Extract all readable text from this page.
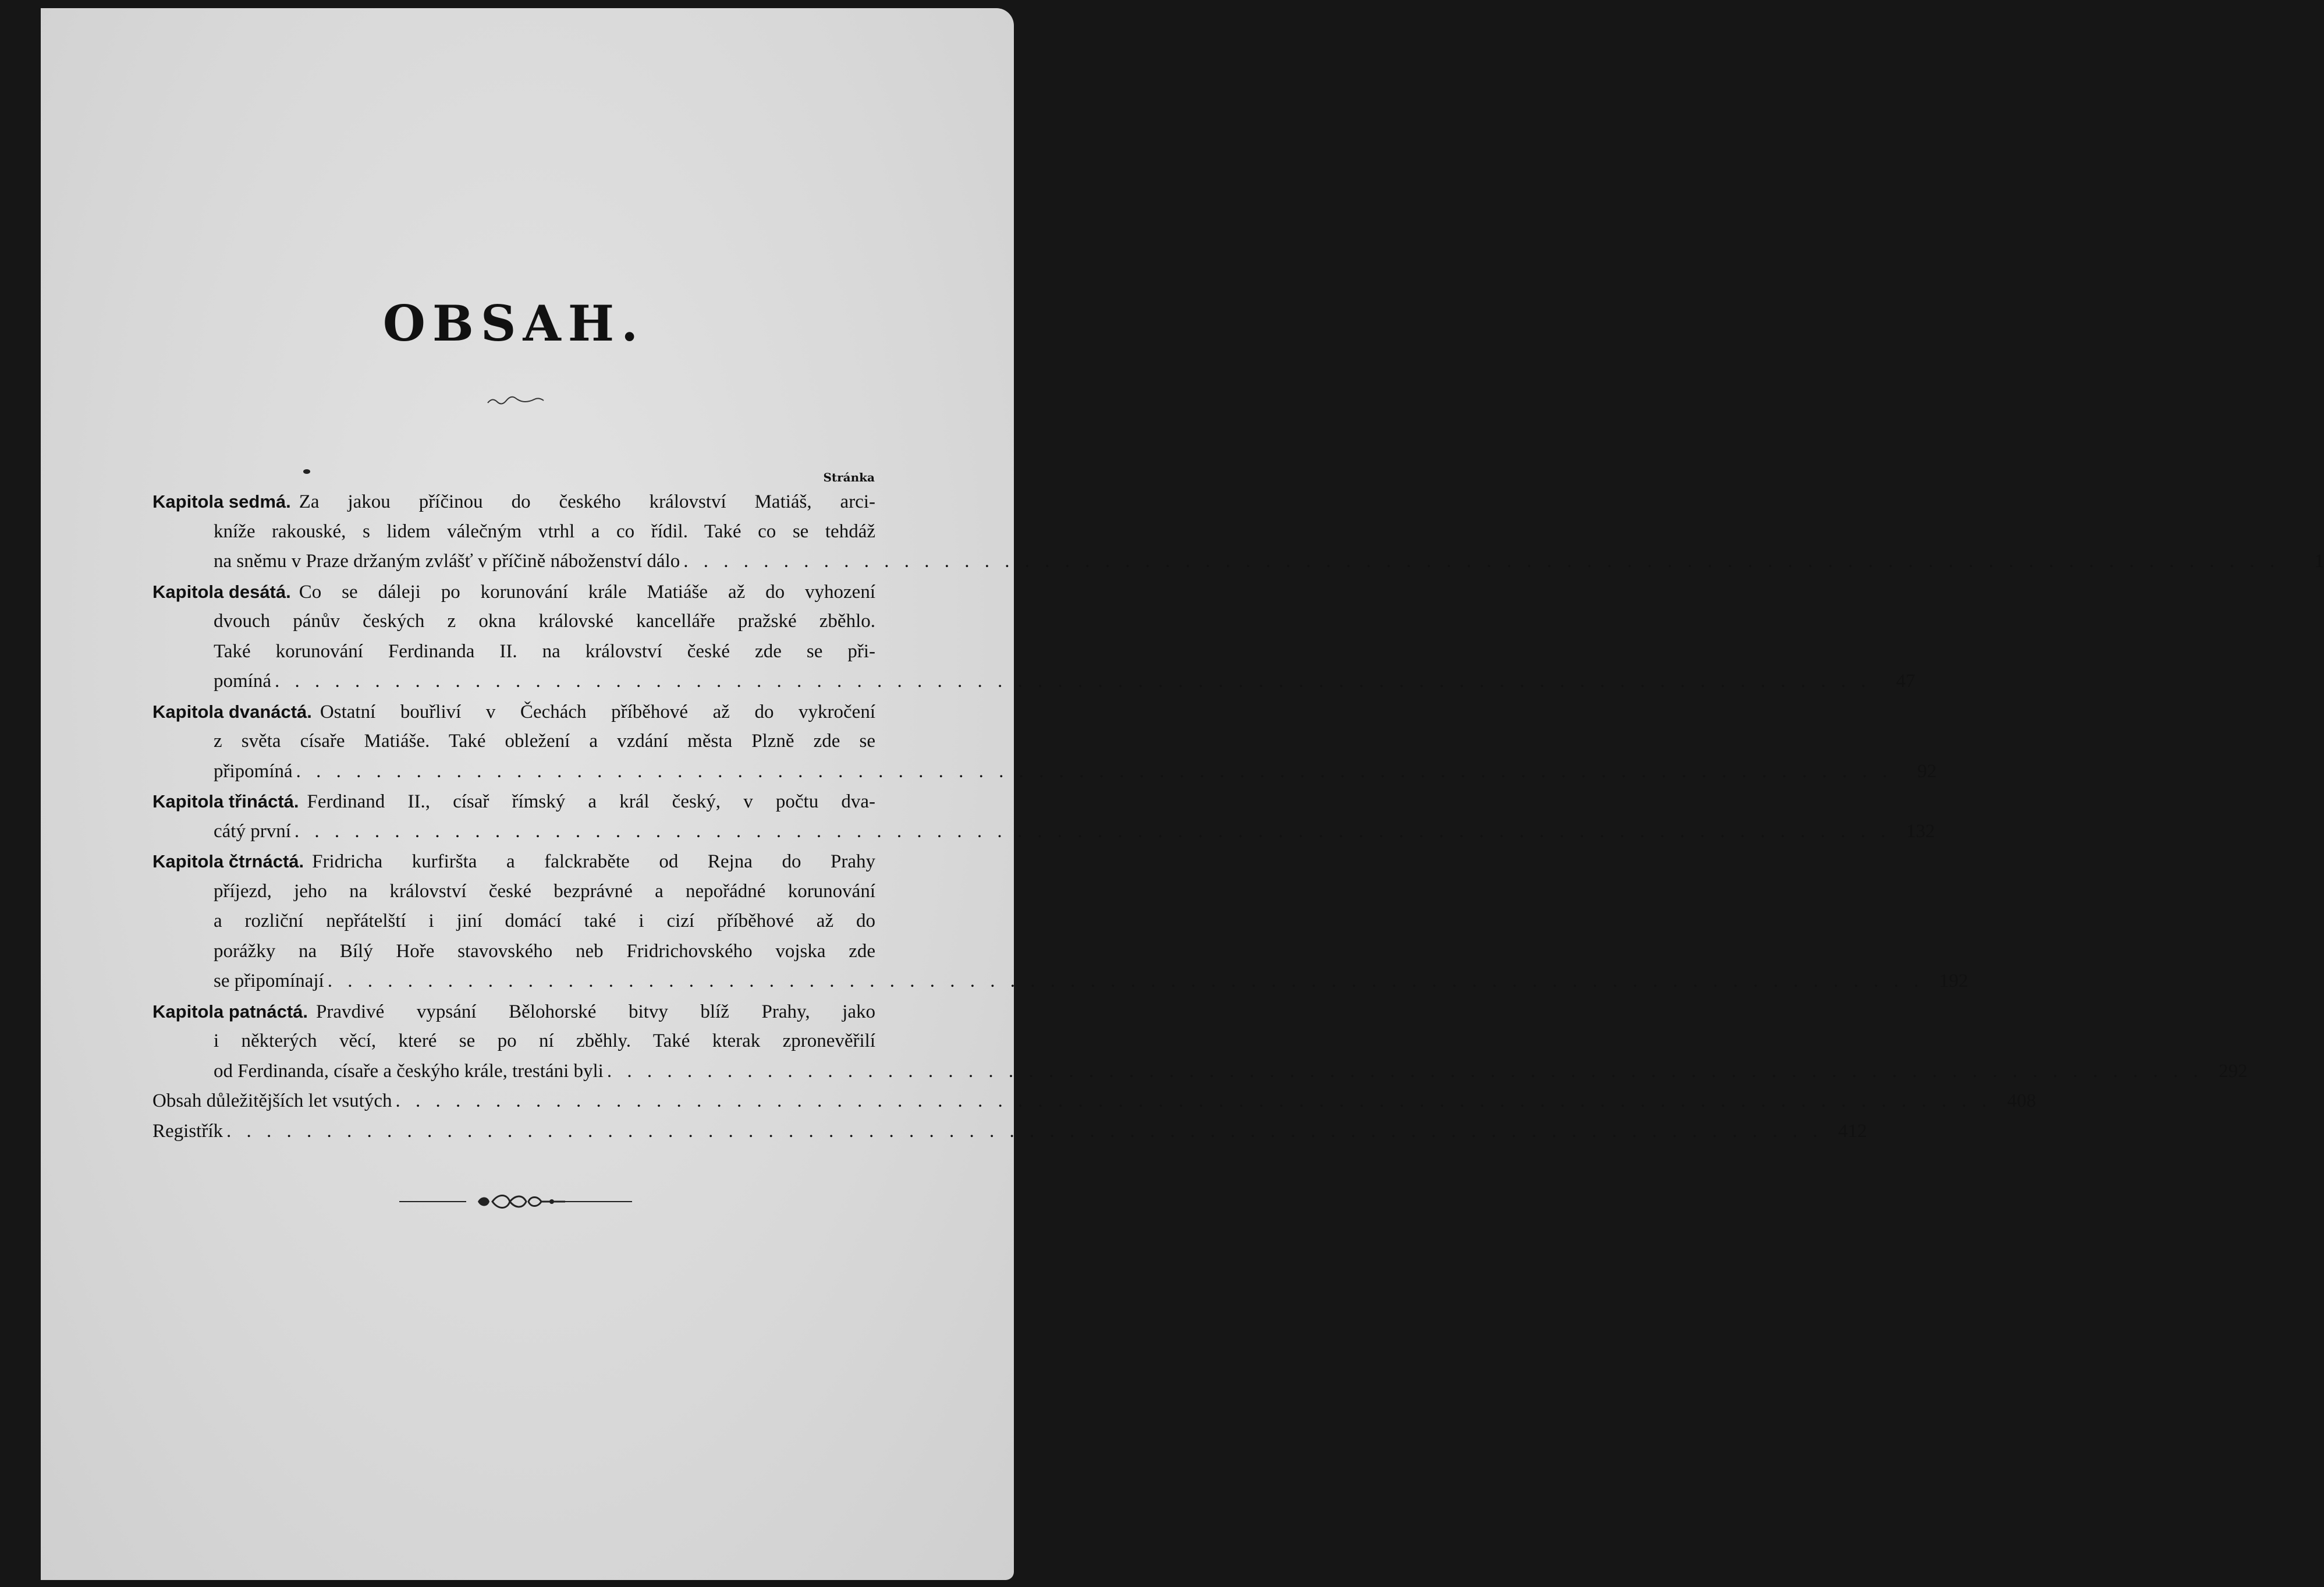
OBSAH.
Stránka
Kapitola sedmá. Za jakou příčinou do českého království Matiáš, arci-
kníže rakouské, s lidem válečným vtrhl a co řídil. Také co se tehdáž
na sněmu v Praze držaným zvlášť v příčině náboženství dálo . . . . . . . . . . . . . . . . . . . . . . . . . . . . . . . . . . . . . . . . . . . . . . . . . . . . . . . . . . . . . . . . . . . . . . . . . . . . . . . .	1
Kapitola desátá. Co se dáleji po korunování krále Matiáše až do vyhození
dvouch pánův českých z okna královské kancelláře pražské zběhlo.
Také korunování Ferdinanda II. na království české zde se při-
pomíná . . . . . . . . . . . . . . . . . . . . . . . . . . . . . . . . . . . . . . . . . . . . . . . . . . . . . . . . . . . . . . . . . . . . . . . . . . . . . . . .	47
Kapitola dvanáctá. Ostatní bouřliví v Čechách příběhové až do vykročení
z světa císaře Matiáše. Také obležení a vzdání města Plzně zde se
připomíná . . . . . . . . . . . . . . . . . . . . . . . . . . . . . . . . . . . . . . . . . . . . . . . . . . . . . . . . . . . . . . . . . . . . . . . . . . . . . . . .	92
Kapitola třináctá. Ferdinand II., císař římský a král český, v počtu dva-
cátý první . . . . . . . . . . . . . . . . . . . . . . . . . . . . . . . . . . . . . . . . . . . . . . . . . . . . . . . . . . . . . . . . . . . . . . . . . . . . . . . . 132
Kapitola čtrnáctá. Fridricha kurfiršta a falckraběte od Rejna do Prahy
příjezd, jeho na království české bezprávné a nepořádné korunování
a rozliční nepřátelští i jiní domácí také i cizí příběhové až do
porážky na Bílý Hoře stavovského neb Fridrichovského vojska zde
se připomínají . . . . . . . . . . . . . . . . . . . . . . . . . . . . . . . . . . . . . . . . . . . . . . . . . . . . . . . . . . . . . . . . . . . . . . . . . . . . . . . . 192
Kapitola patnáctá. Pravdivé vypsání Bělohorské bitvy blíž Prahy, jako
i některých věcí, které se po ní zběhly. Také kterak zpronevěřilí
od Ferdinanda, císaře a českýho krále, trestáni byli . . . . . . . . . . . . . . . . . . . . . . . . . . . . . . . . . . . . . . . . . . . . . . . . . . . . . . . . . . . . . . . . . . . . . . . . . . . . . . . . 292
Obsah důležitějších let vsutých . . . . . . . . . . . . . . . . . . . . . . . . . . . . . . . . . . . . . . . . . . . . . . . . . . . . . . . . . . . . . . . . . . . . . . . . . . . . . . . . 408
Registřík . . . . . . . . . . . . . . . . . . . . . . . . . . . . . . . . . . . . . . . . . . . . . . . . . . . . . . . . . . . . . . . . . . . . . . . . . . . . . . . . 412
